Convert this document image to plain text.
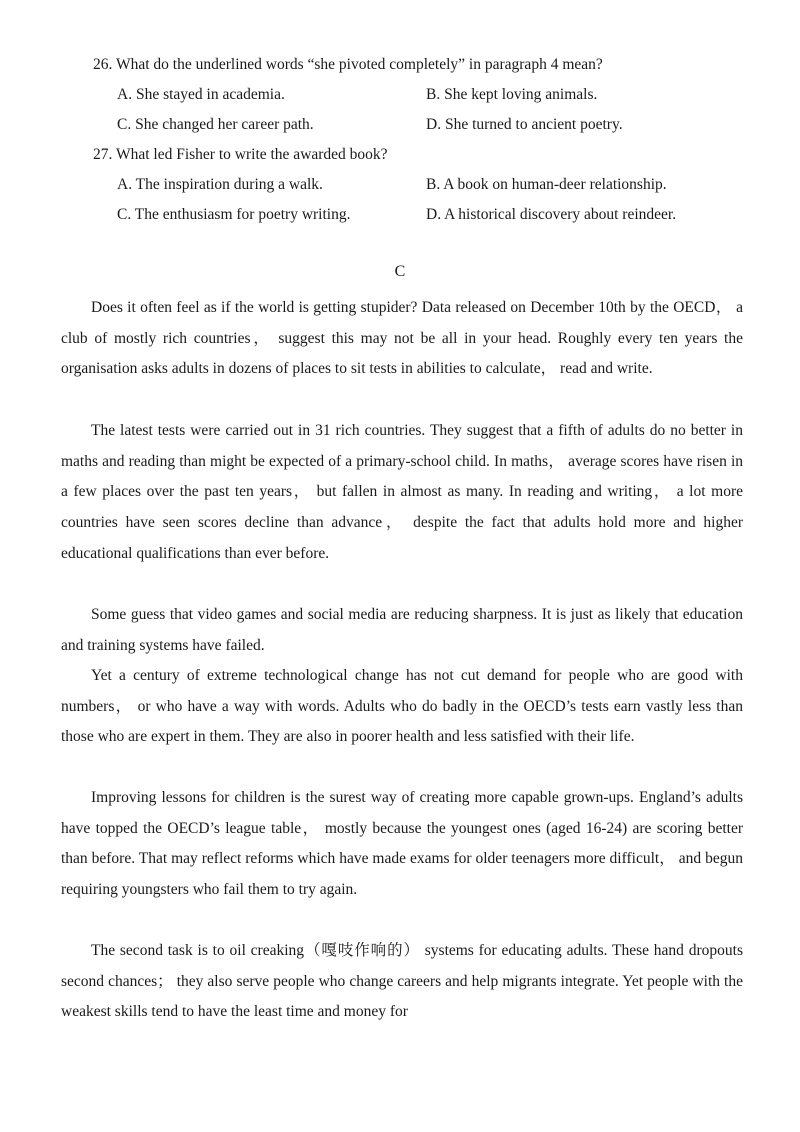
26. What do the underlined words “she pivoted completely” in paragraph 4 mean?
A. She stayed in academia.	B. She kept loving animals.
C. She changed her career path.	D. She turned to ancient poetry.
27. What led Fisher to write the awarded book?
A. The inspiration during a walk.	B. A book on human-deer relationship.
C. The enthusiasm for poetry writing.	D. A historical discovery about reindeer.
C

Does it often feel as if the world is getting stupider? Data released on December 10th by the OECD， a club of mostly rich countries， suggest this may not be all in your head. Roughly every ten years the organisation asks adults in dozens of places to sit tests in abilities to calculate， read and write.

The latest tests were carried out in 31 rich countries. They suggest that a fifth of adults do no better in maths and reading than might be expected of a primary-school child. In maths， average scores have risen in a few places over the past ten years， but fallen in almost as many. In reading and writing， a lot more countries have seen scores decline than advance， despite the fact that adults hold more and higher educational qualifications than ever before.

Some guess that video games and social media are reducing sharpness. It is just as likely that education and training systems have failed.

Yet a century of extreme technological change has not cut demand for people who are good with numbers， or who have a way with words. Adults who do badly in the OECD’s tests earn vastly less than those who are expert in them. They are also in poorer health and less satisfied with their life.

Improving lessons for children is the surest way of creating more capable grown-ups. England’s adults have topped the OECD’s league table， mostly because the youngest ones (aged 16-24) are scoring better than before. That may reflect reforms which have made exams for older teenagers more difficult， and begun requiring youngsters who fail them to try again.

The second task is to oil creaking（嘎吱作响的） systems for educating adults. These hand dropouts second chances； they also serve people who change careers and help migrants integrate. Yet people with the weakest skills tend to have the least time and money for
